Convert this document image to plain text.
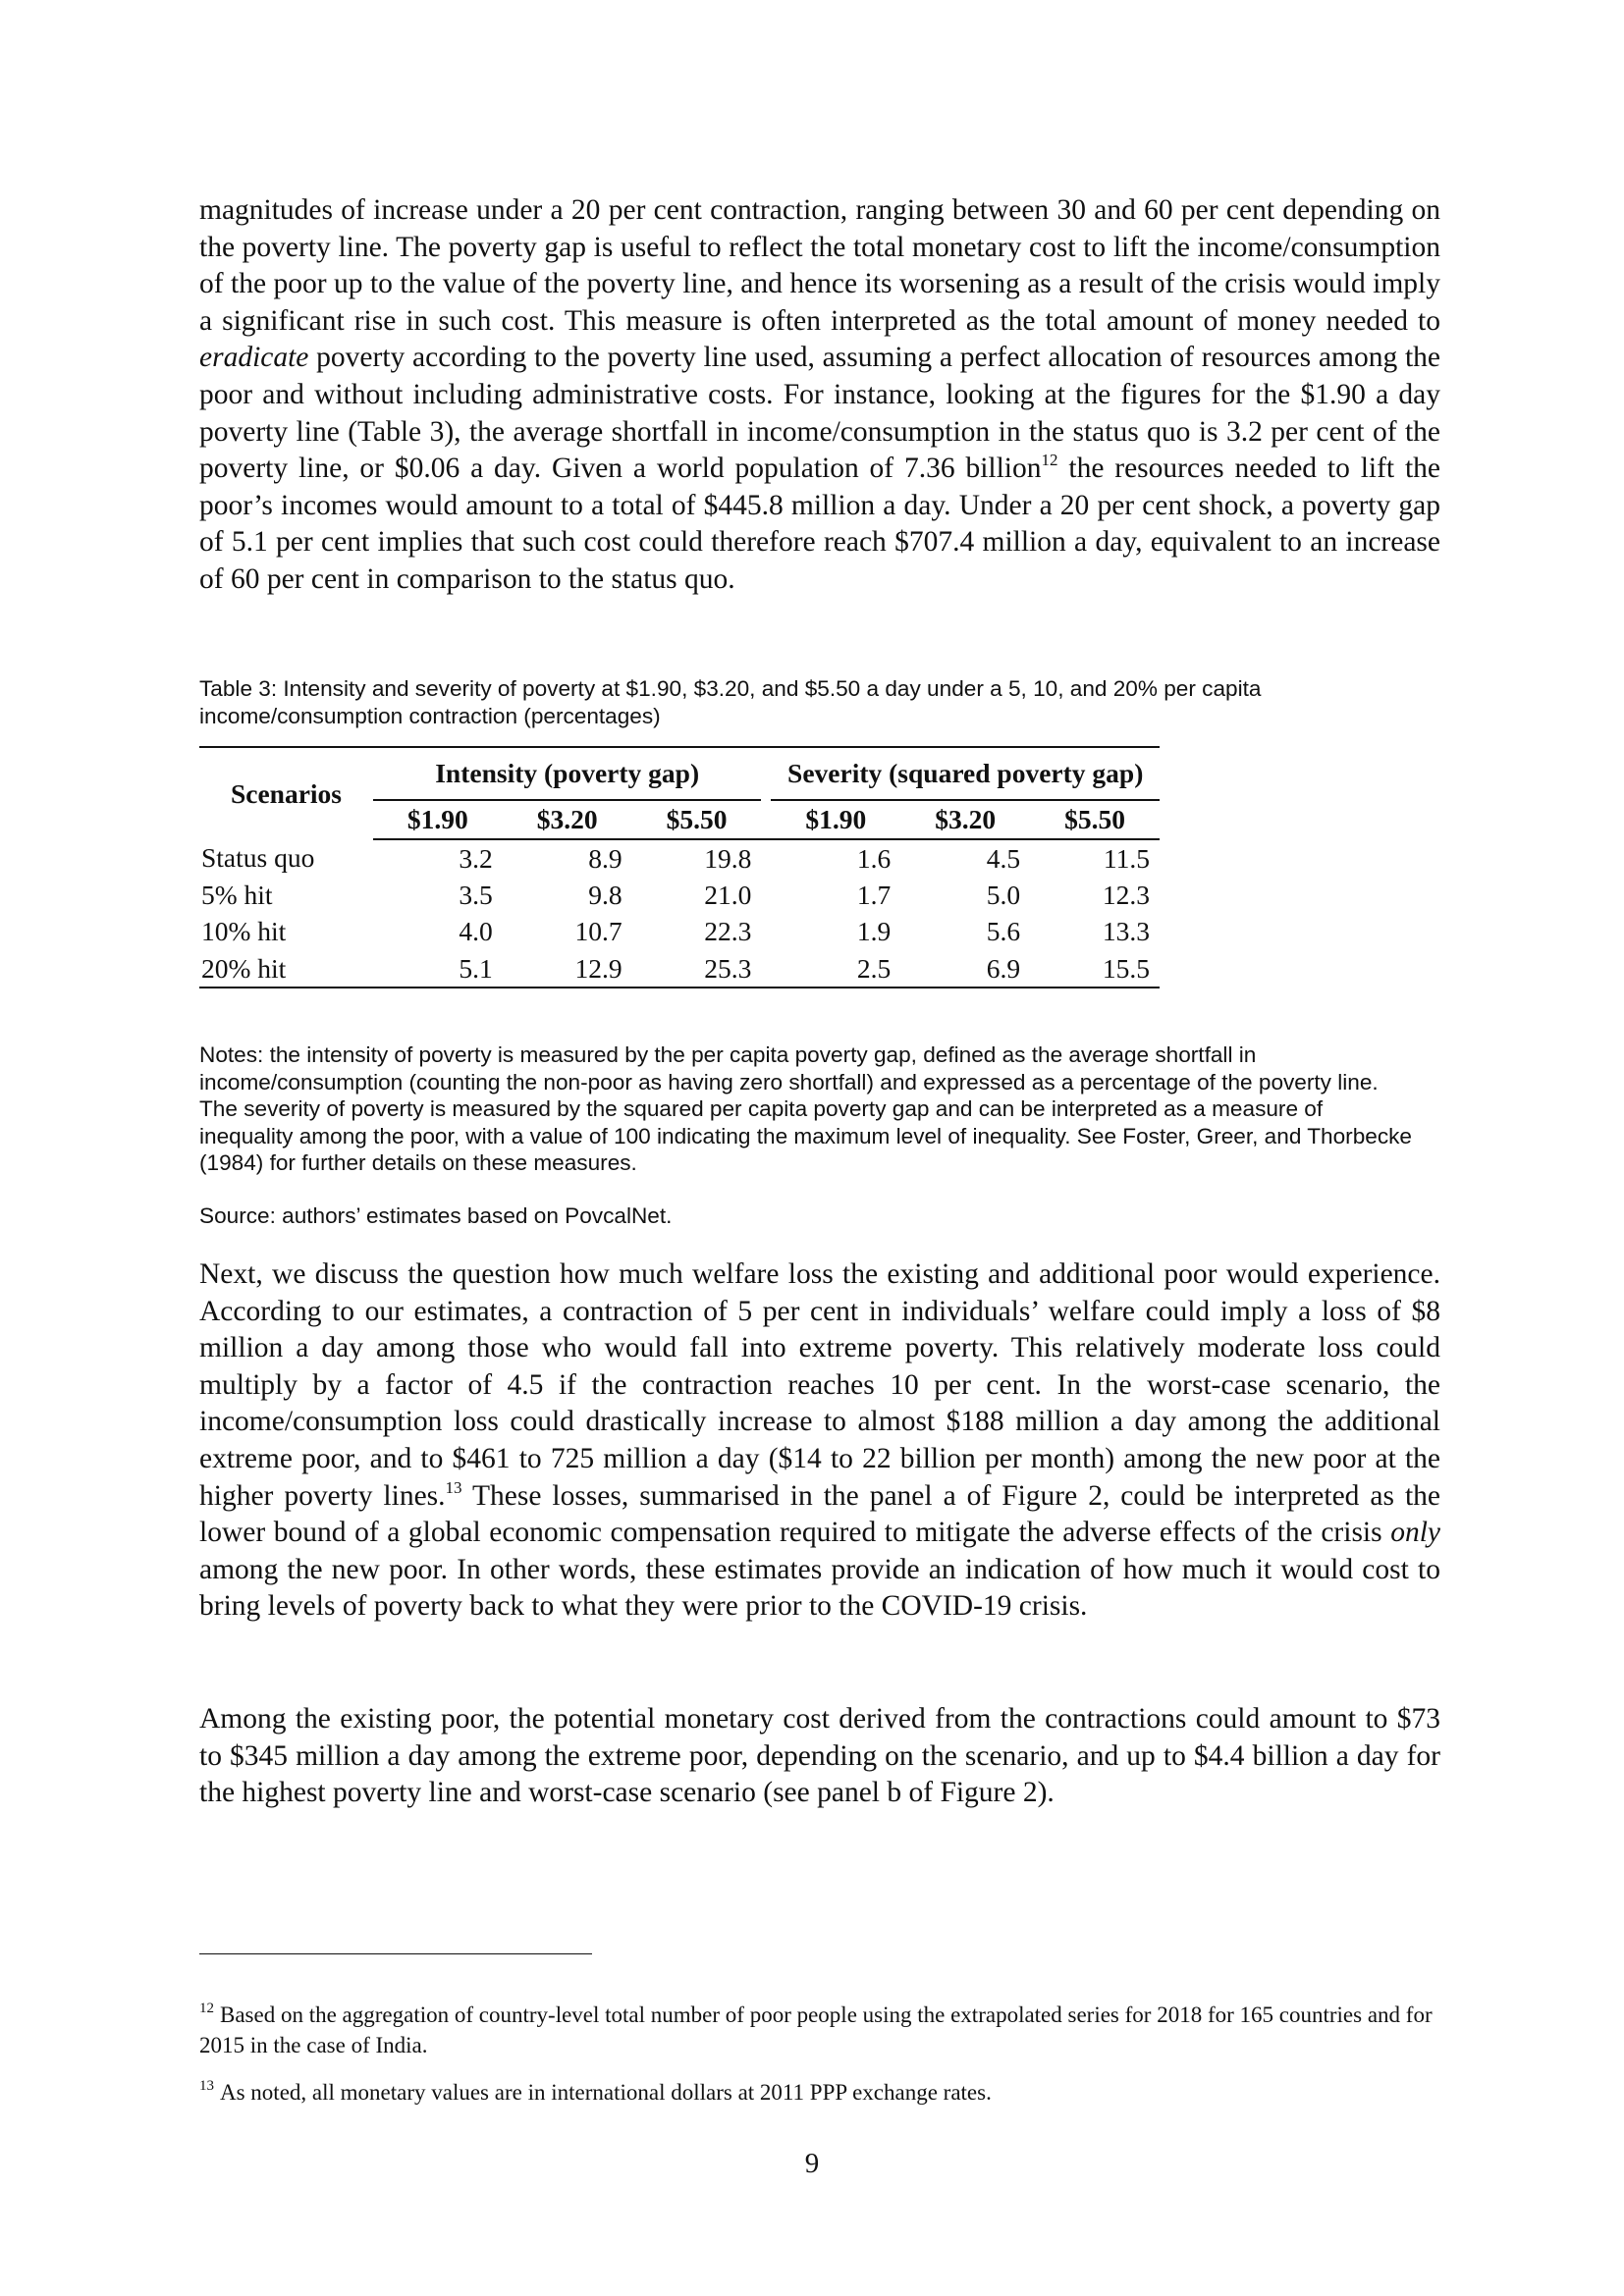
magnitudes of increase under a 20 per cent contraction, ranging between 30 and 60 per cent depending on the poverty line. The poverty gap is useful to reflect the total monetary cost to lift the income/consumption of the poor up to the value of the poverty line, and hence its worsening as a result of the crisis would imply a significant rise in such cost. This measure is often interpreted as the total amount of money needed to eradicate poverty according to the poverty line used, assuming a perfect allocation of resources among the poor and without including administrative costs. For instance, looking at the figures for the $1.90 a day poverty line (Table 3), the average shortfall in income/consumption in the status quo is 3.2 per cent of the poverty line, or $0.06 a day. Given a world population of 7.36 billion$^{12}$ the resources needed to lift the poor’s incomes would amount to a total of $445.8 million a day. Under a 20 per cent shock, a poverty gap of 5.1 per cent implies that such cost could therefore reach $707.4 million a day, equivalent to an increase of 60 per cent in comparison to the status quo.

Table 3: Intensity and severity of poverty at $1.90, $3.20, and $5.50 a day under a 5, 10, and 20% per capita income/consumption contraction (percentages)

Scenarios	Intensity (poverty gap)				Severity (squared poverty gap)		
	$1.90	$3.20	$5.50		$1.90	$3.20	$5.50
Status quo	3.2	8.9	19.8		1.6	4.5	11.5
5% hit	3.5	9.8	21.0		1.7	5.0	12.3
10% hit	4.0	10.7	22.3		1.9	5.6	13.3
20% hit	5.1	12.9	25.3		2.5	6.9	15.5

Notes: the intensity of poverty is measured by the per capita poverty gap, defined as the average shortfall in income/consumption (counting the non-poor as having zero shortfall) and expressed as a percentage of the poverty line. The severity of poverty is measured by the squared per capita poverty gap and can be interpreted as a measure of inequality among the poor, with a value of 100 indicating the maximum level of inequality. See Foster, Greer, and Thorbecke (1984) for further details on these measures.

Source: authors’ estimates based on PovcalNet.

Next, we discuss the question how much welfare loss the existing and additional poor would experience. According to our estimates, a contraction of 5 per cent in individuals’ welfare could imply a loss of $8 million a day among those who would fall into extreme poverty. This relatively moderate loss could multiply by a factor of 4.5 if the contraction reaches 10 per cent. In the worst-case scenario, the income/consumption loss could drastically increase to almost $188 million a day among the additional extreme poor, and to $461 to 725 million a day ($14 to 22 billion per month) among the new poor at the higher poverty lines.$^{13}$ These losses, summarised in the panel a of Figure 2, could be interpreted as the lower bound of a global economic compensation required to mitigate the adverse effects of the crisis only among the new poor. In other words, these estimates provide an indication of how much it would cost to bring levels of poverty back to what they were prior to the COVID-19 crisis.

Among the existing poor, the potential monetary cost derived from the contractions could amount to $73 to $345 million a day among the extreme poor, depending on the scenario, and up to $4.4 billion a day for the highest poverty line and worst-case scenario (see panel b of Figure 2).

$^{12}$ Based on the aggregation of country-level total number of poor people using the extrapolated series for 2018 for 165 countries and for 2015 in the case of India.

$^{13}$ As noted, all monetary values are in international dollars at 2011 PPP exchange rates.

9
